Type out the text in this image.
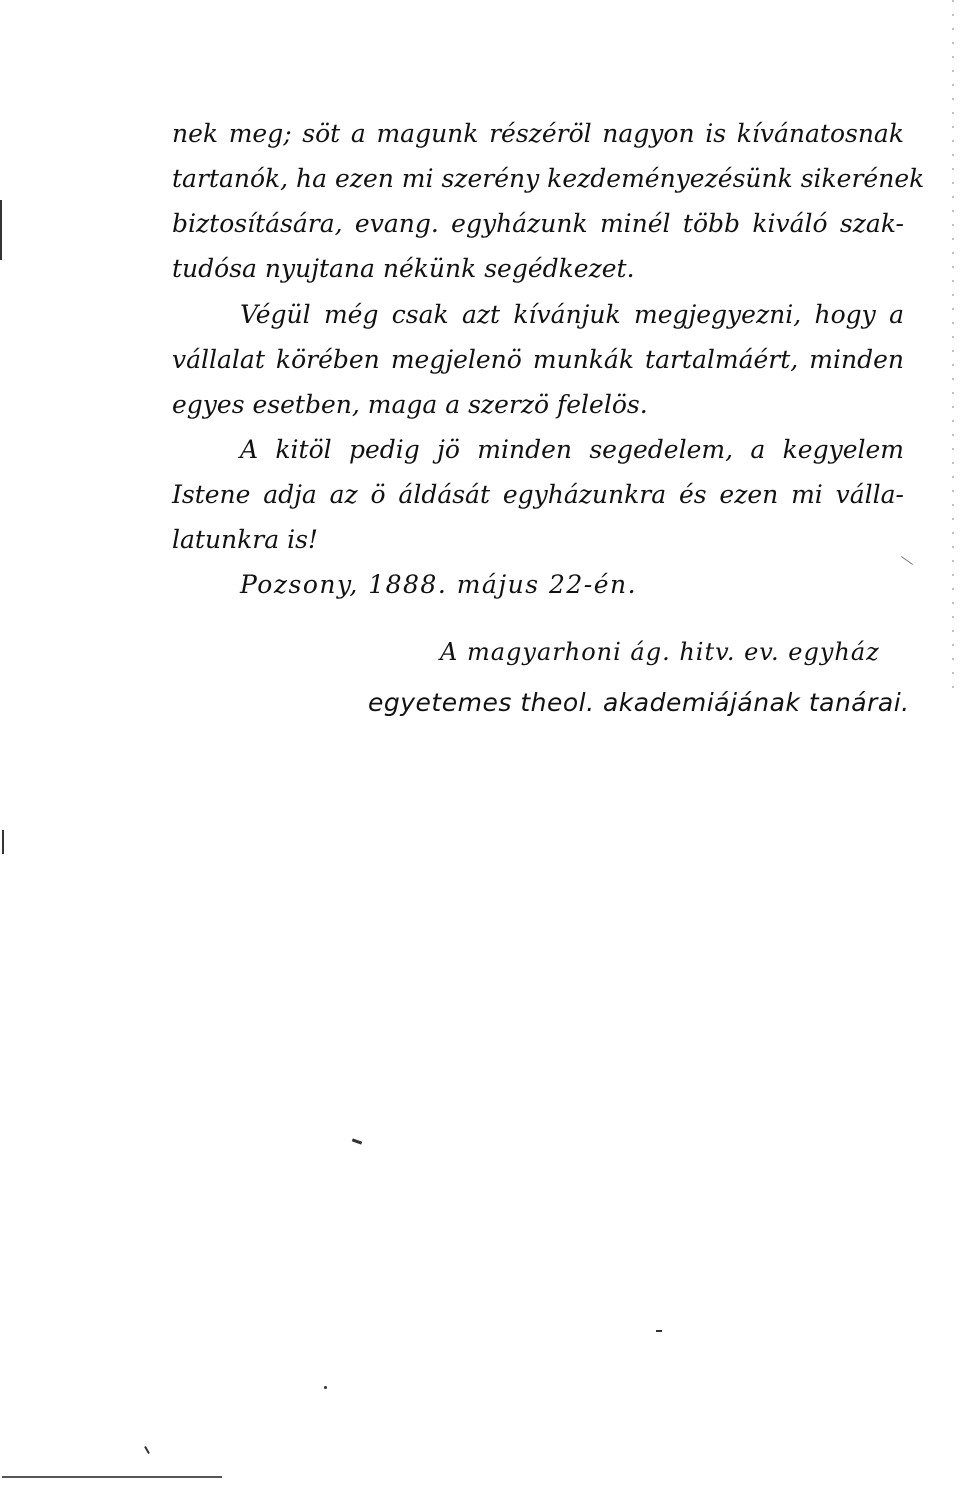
nek meg; söt a magunk részéröl nagyon is kívánatosnak

tartanók, ha ezen mi szerény kezdeményezésünk sikerének

biztosítására, evang. egyházunk minél több kiváló szak-

tudósa nyujtana nékünk segédkezet.

Végül még csak azt kívánjuk megjegyezni, hogy a

vállalat körében megjelenö munkák tartalmáért, minden

egyes esetben, maga a szerzö felelös.

A kitöl pedig jö minden segedelem, a kegyelem

Istene adja az ö áldását egyházunkra és ezen mi válla-

latunkra is!

Pozsony, 1888. május 22-én.

A magyarhoni ág. hitv. ev. egyház
egyetemes theol. akademiájának tanárai.
